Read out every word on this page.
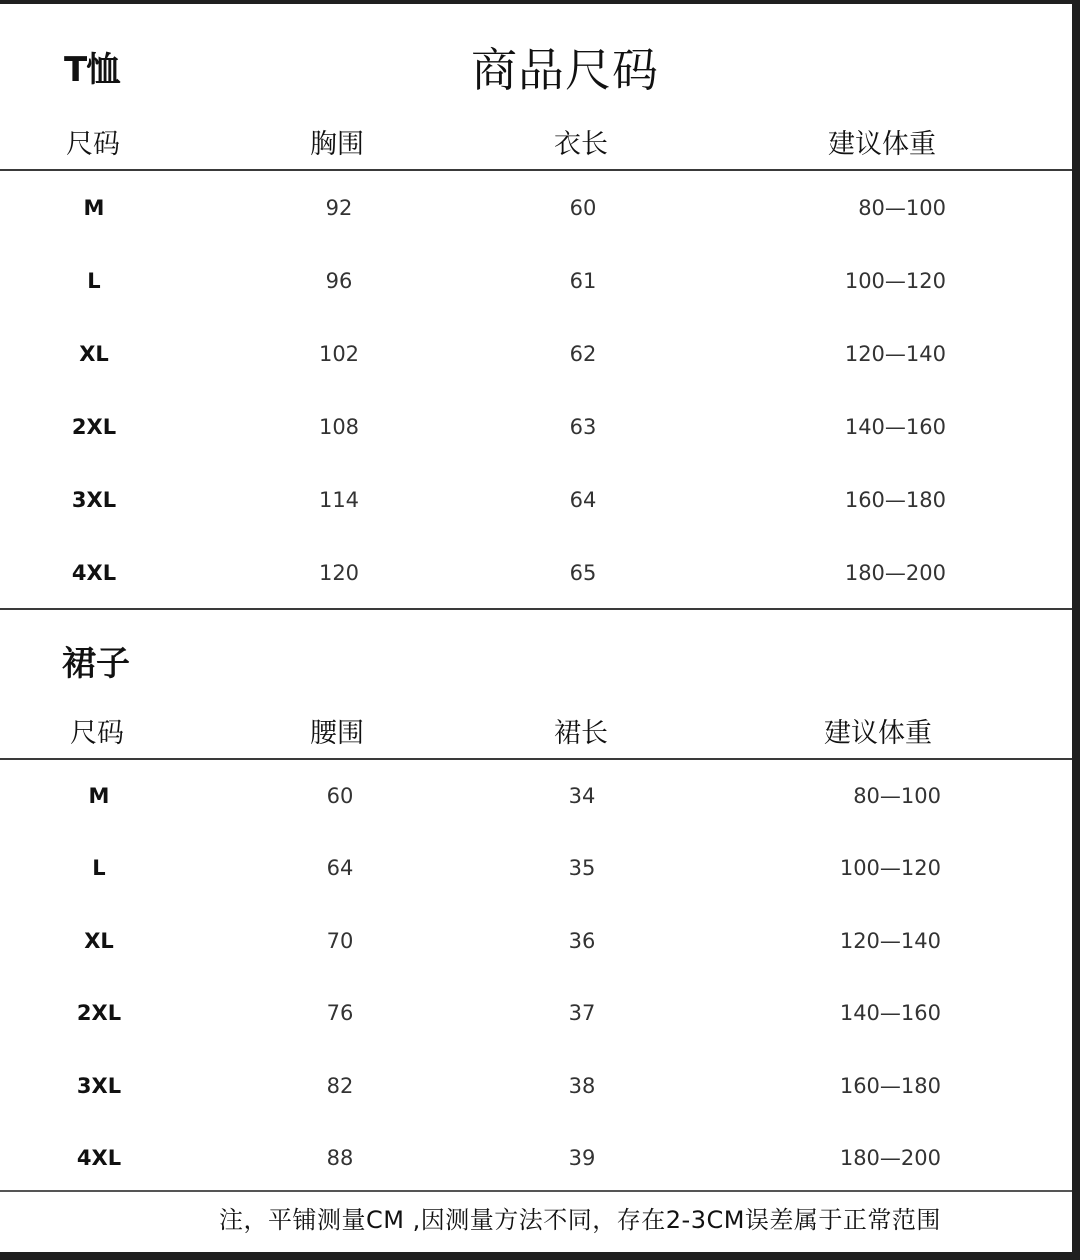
T恤	商品尺码
尺码	胸围	衣长	建议体重
M	92	60	80—100
L	96	61	100—120
XL	102	62	120—140
2XL	108	63	140—160
3XL	114	64	160—180
4XL	120	65	180—200
裙子
尺码	腰围	裙长	建议体重
M	60	34	80—100
L	64	35	100—120
XL	70	36	120—140
2XL	76	37	140—160
3XL	82	38	160—180
4XL	88	39	180—200
注，平铺测量CM ,因测量方法不同，存在2-3CM误差属于正常范围
